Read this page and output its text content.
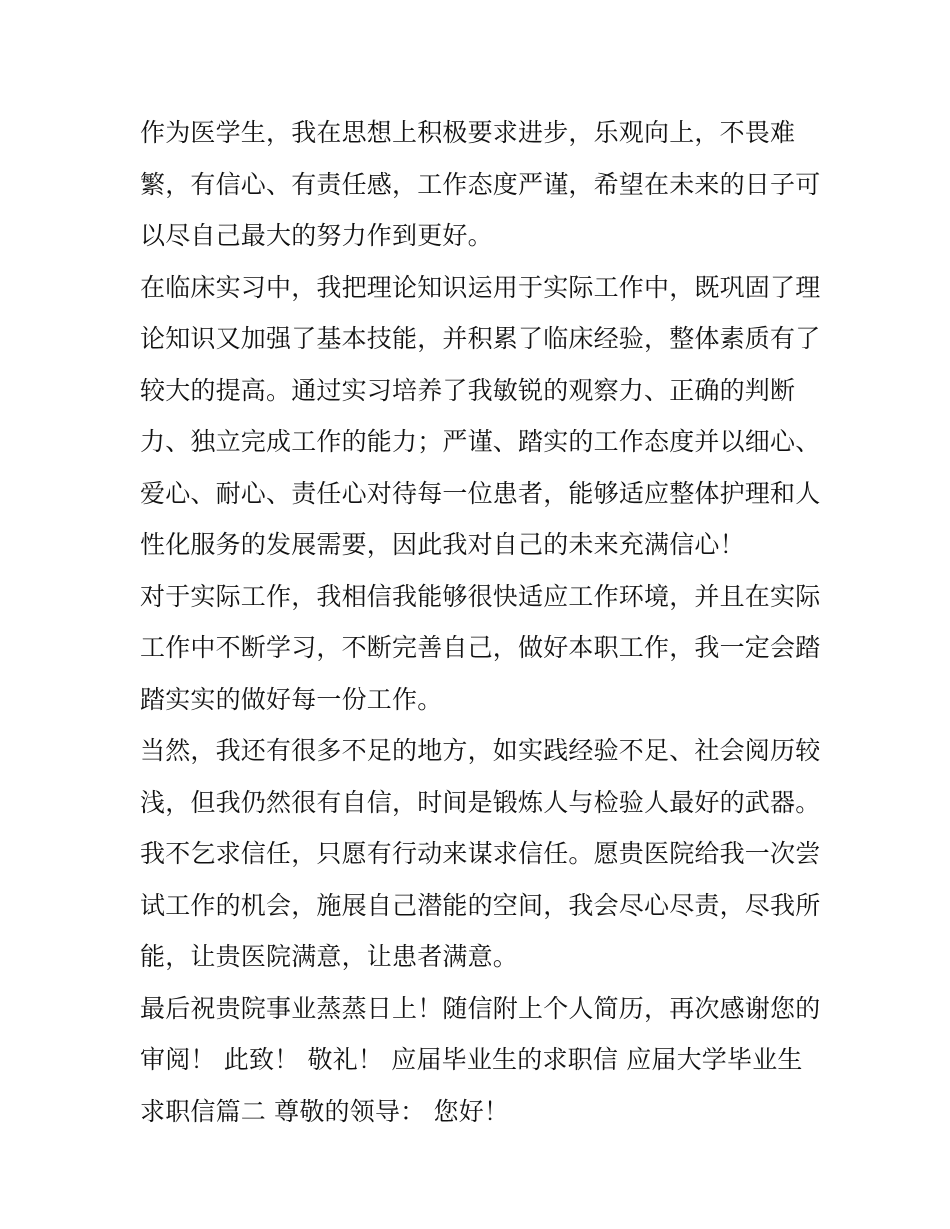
作为医学生，我在思想上积极要求进步，乐观向上，不畏难
繁，有信心、有责任感，工作态度严谨，希望在未来的日子可
以尽自己最大的努力作到更好。
在临床实习中，我把理论知识运用于实际工作中，既巩固了理
论知识又加强了基本技能，并积累了临床经验，整体素质有了
较大的提高。通过实习培养了我敏锐的观察力、正确的判断
力、独立完成工作的能力；严谨、踏实的工作态度并以细心、
爱心、耐心、责任心对待每一位患者，能够适应整体护理和人
性化服务的发展需要，因此我对自己的未来充满信心！
对于实际工作，我相信我能够很快适应工作环境，并且在实际
工作中不断学习，不断完善自己，做好本职工作，我一定会踏
踏实实的做好每一份工作。
当然，我还有很多不足的地方，如实践经验不足、社会阅历较
浅，但我仍然很有自信，时间是锻炼人与检验人最好的武器。
我不乞求信任，只愿有行动来谋求信任。愿贵医院给我一次尝
试工作的机会，施展自己潜能的空间，我会尽心尽责，尽我所
能，让贵医院满意，让患者满意。
最后祝贵院事业蒸蒸日上！随信附上个人简历，再次感谢您的
审阅！ 此致！ 敬礼！ 应届毕业生的求职信 应届大学毕业生
求职信篇二 尊敬的领导： 您好！
